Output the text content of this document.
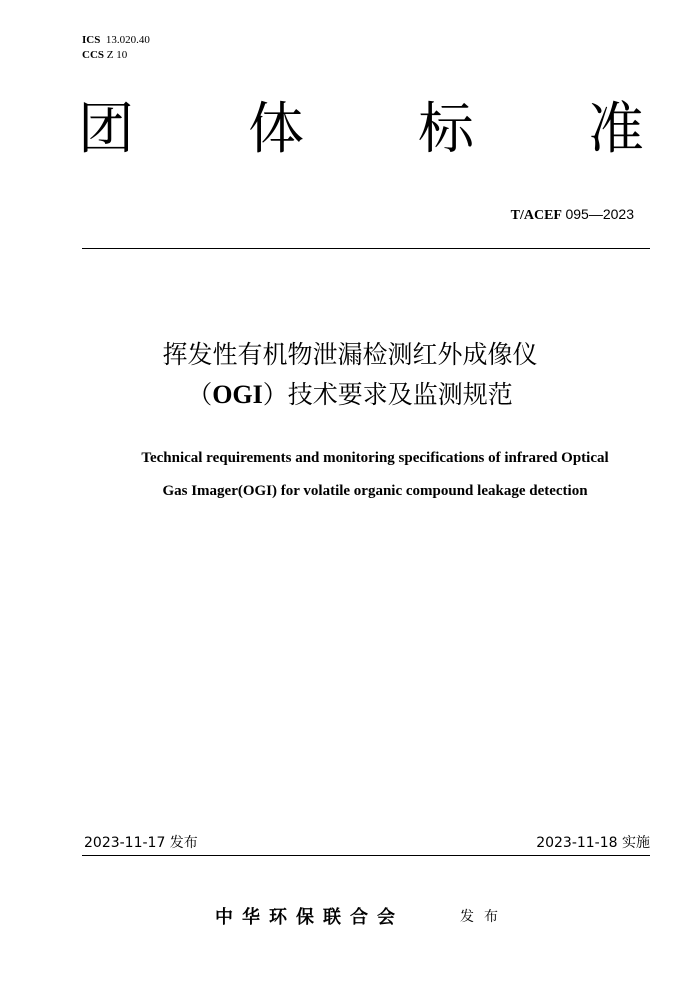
ICS 13.020.40
CCS Z 10
团 体 标 准
T/ACEF 095—2023
挥发性有机物泄漏检测红外成像仪
（OGI）技术要求及监测规范
Technical requirements and monitoring specifications of infrared Optical
Gas Imager(OGI) for volatile organic compound leakage detection
2023-11-17 发布	2023-11-18 实施
中华环保联合会	发布
